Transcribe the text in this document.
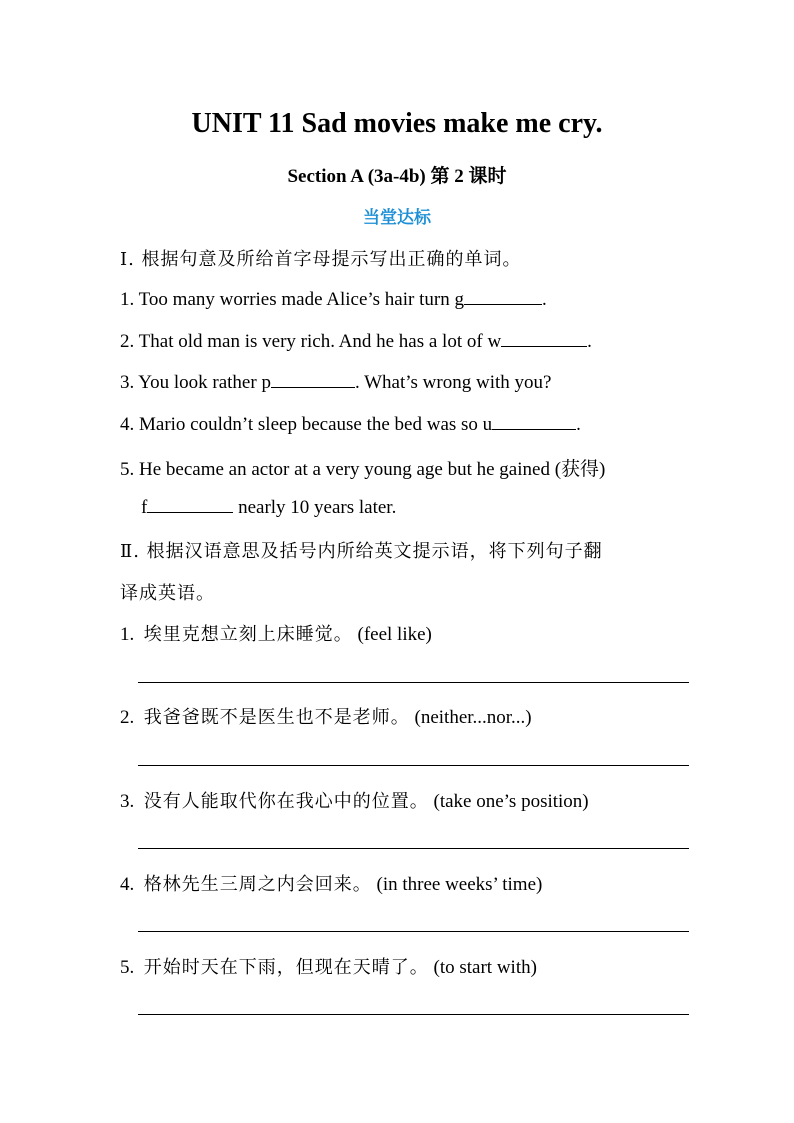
UNIT 11 Sad movies make me cry.
Section A (3a-4b) 第 2 课时
当堂达标
Ⅰ. 根据句意及所给首字母提示写出正确的单词。
1. Too many worries made Alice’s hair turn g	.
2. That old man is very rich. And he has a lot of w	.
3. You look rather p	. What’s wrong with you?
4. Mario couldn’t sleep because the bed was so u	.
5. He became an actor at a very young age but he gained (获得)
f	nearly 10 years later.
Ⅱ. 根据汉语意思及括号内所给英文提示语，将下列句子翻
译成英语。
1. 埃里克想立刻上床睡觉。 (feel like)
2. 我爸爸既不是医生也不是老师。 (neither...nor...)
3. 没有人能取代你在我心中的位置。 (take one’s position)
4. 格林先生三周之内会回来。 (in three weeks’ time)
5. 开始时天在下雨，但现在天晴了。 (to start with)
